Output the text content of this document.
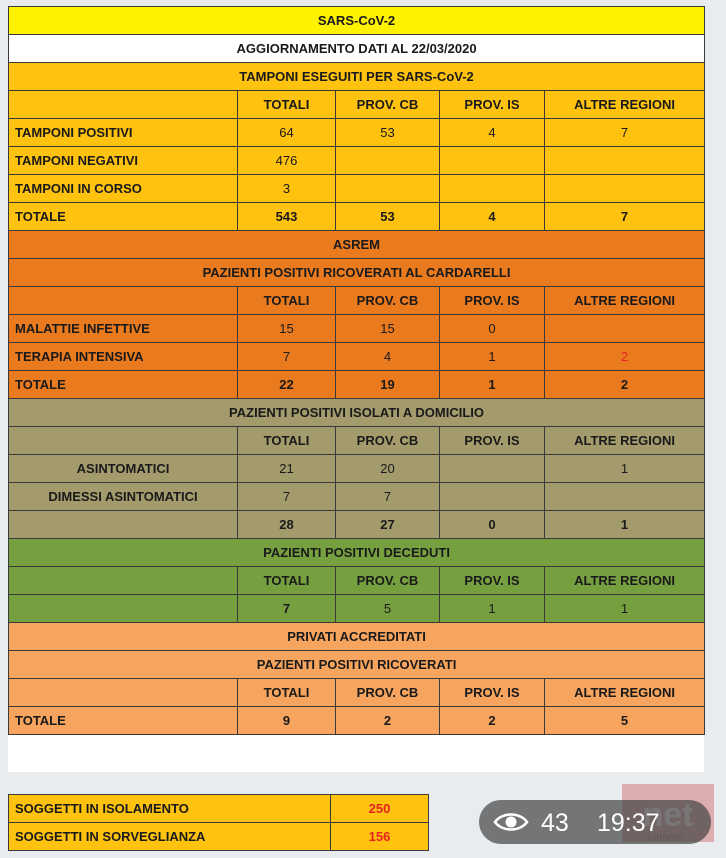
SARS-CoV-2				
AGGIORNAMENTO DATI AL 22/03/2020				
TAMPONI ESEGUITI PER SARS-CoV-2				
	TOTALI	PROV. CB	PROV. IS	ALTRE REGIONI
TAMPONI POSITIVI	64	53	4	7
TAMPONI NEGATIVI	476			
TAMPONI IN CORSO	3			
TOTALE	543	53	4	7
ASREM				
PAZIENTI POSITIVI RICOVERATI AL CARDARELLI				
	TOTALI	PROV. CB	PROV. IS	ALTRE REGIONI
MALATTIE INFETTIVE	15	15	0	
TERAPIA INTENSIVA	7	4	1	2
TOTALE	22	19	1	2
PAZIENTI POSITIVI ISOLATI A DOMICILIO				
	TOTALI	PROV. CB	PROV. IS	ALTRE REGIONI
ASINTOMATICI	21	20		1
DIMESSI ASINTOMATICI	7	7		
	28	27	0	1
PAZIENTI POSITIVI DECEDUTI				
	TOTALI	PROV. CB	PROV. IS	ALTRE REGIONI
	7	5	1	1
PRIVATI ACCREDITATI				
PAZIENTI POSITIVI RICOVERATI				
	TOTALI	PROV. CB	PROV. IS	ALTRE REGIONI
TOTALE	9	2	2	5
SOGGETTI IN ISOLAMENTO	250
SOGGETTI IN SORVEGLIANZA	156	43 19:37
